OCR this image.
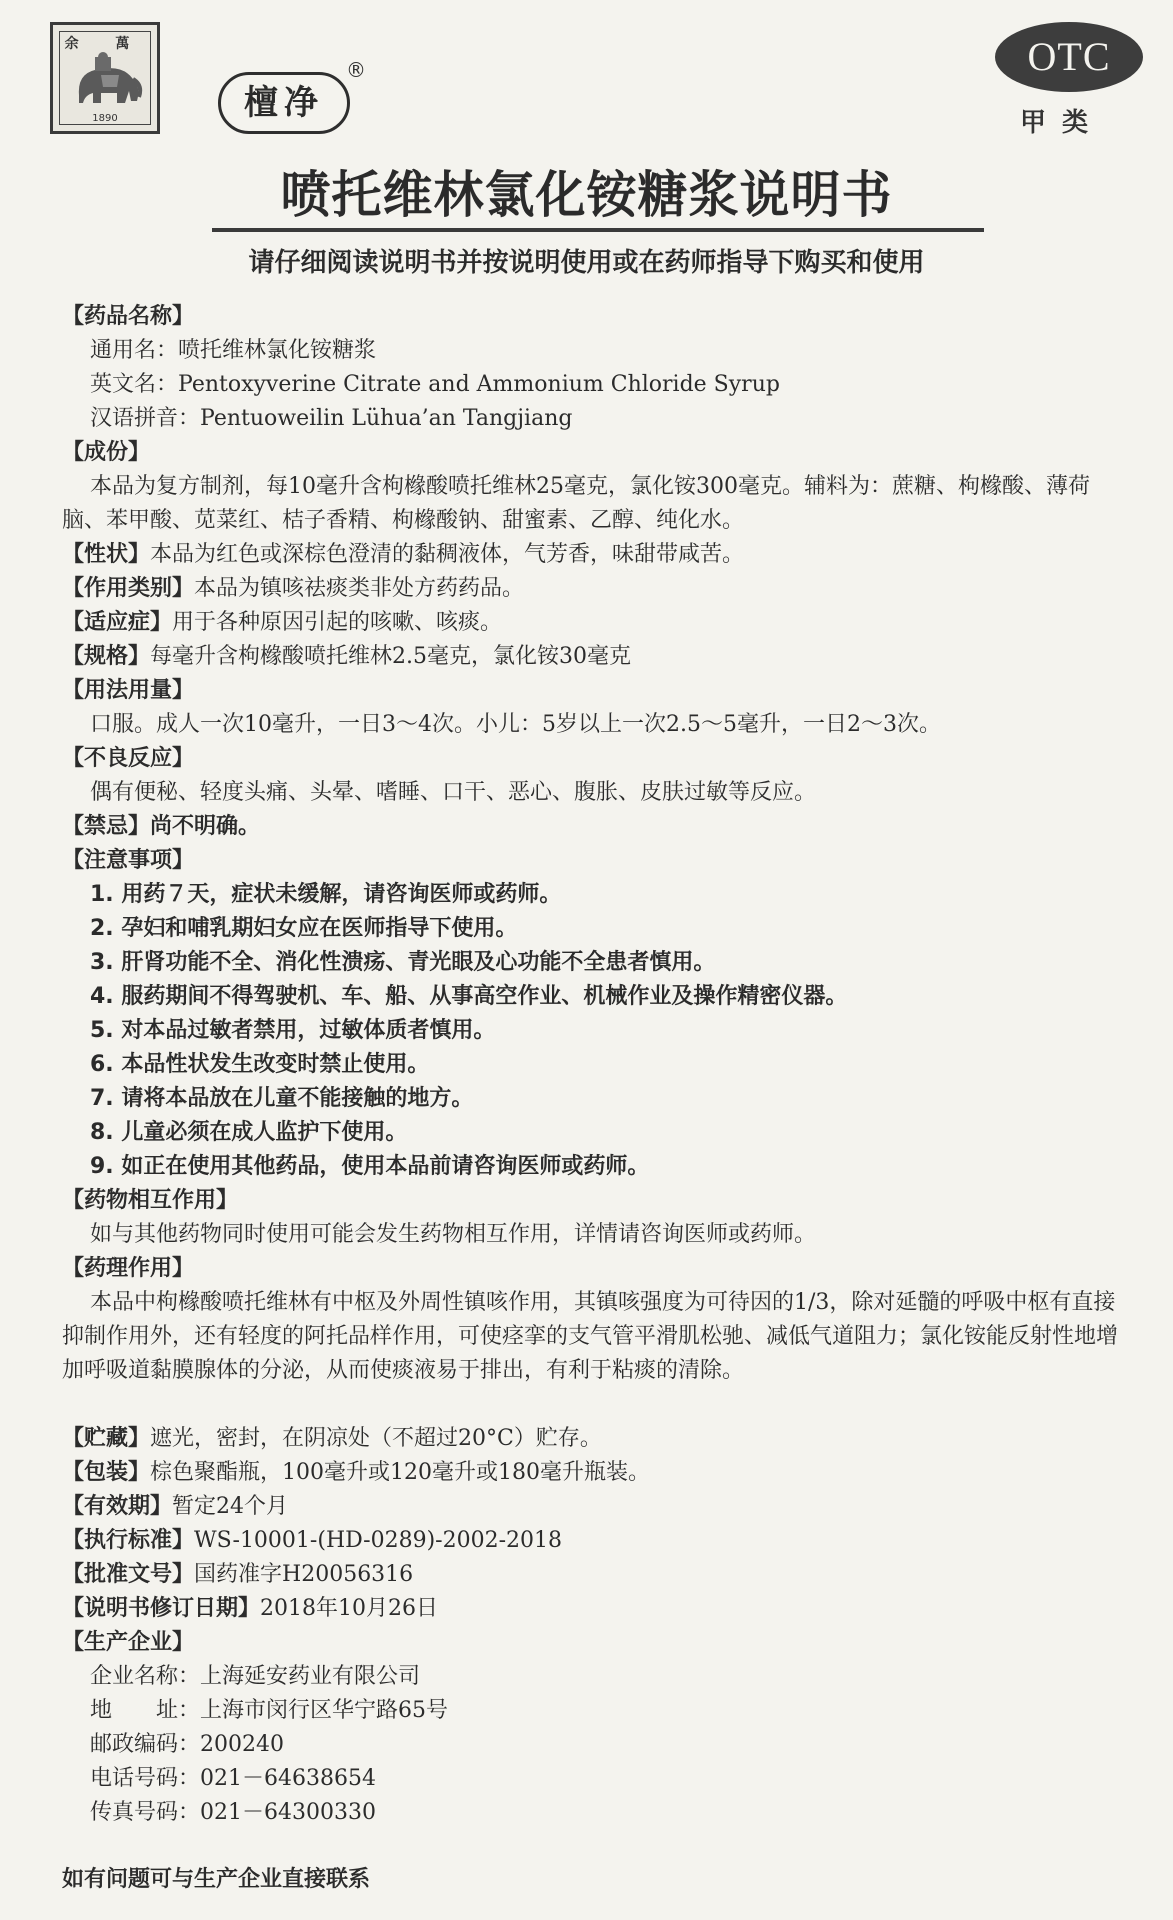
余 萬
1890	檀净
®	OTC
甲类
喷托维林氯化铵糖浆说明书
请仔细阅读说明书并按说明使用或在药师指导下购买和使用
【药品名称】
通用名：喷托维林氯化铵糖浆
英文名：Pentoxyverine Citrate and Ammonium Chloride Syrup
汉语拼音：Pentuoweilin Lühua’an Tangjiang
【成份】
本品为复方制剂，每10毫升含枸橼酸喷托维林25毫克，氯化铵300毫克。辅料为：蔗糖、枸橼酸、薄荷脑、苯甲酸、苋菜红、桔子香精、枸橼酸钠、甜蜜素、乙醇、纯化水。
【性状】本品为红色或深棕色澄清的黏稠液体，气芳香，味甜带咸苦。
【作用类别】本品为镇咳祛痰类非处方药药品。
【适应症】用于各种原因引起的咳嗽、咳痰。
【规格】每毫升含枸橼酸喷托维林2.5毫克，氯化铵30毫克
【用法用量】
口服。成人一次10毫升，一日3～4次。小儿：5岁以上一次2.5～5毫升，一日2～3次。
【不良反应】
偶有便秘、轻度头痛、头晕、嗜睡、口干、恶心、腹胀、皮肤过敏等反应。
【禁忌】尚不明确。
【注意事项】
1. 用药７天，症状未缓解，请咨询医师或药师。
2. 孕妇和哺乳期妇女应在医师指导下使用。
3. 肝肾功能不全、消化性溃疡、青光眼及心功能不全患者慎用。
4. 服药期间不得驾驶机、车、船、从事高空作业、机械作业及操作精密仪器。
5. 对本品过敏者禁用，过敏体质者慎用。
6. 本品性状发生改变时禁止使用。
7. 请将本品放在儿童不能接触的地方。
8. 儿童必须在成人监护下使用。
9. 如正在使用其他药品，使用本品前请咨询医师或药师。
【药物相互作用】
如与其他药物同时使用可能会发生药物相互作用，详情请咨询医师或药师。
【药理作用】
本品中枸橼酸喷托维林有中枢及外周性镇咳作用，其镇咳强度为可待因的1/3，除对延髓的呼吸中枢有直接抑制作用外，还有轻度的阿托品样作用，可使痉挛的支气管平滑肌松驰、减低气道阻力；氯化铵能反射性地增加呼吸道黏膜腺体的分泌，从而使痰液易于排出，有利于粘痰的清除。
【贮藏】遮光，密封，在阴凉处（不超过20°C）贮存。
【包装】棕色聚酯瓶，100毫升或120毫升或180毫升瓶装。
【有效期】暂定24个月
【执行标准】WS-10001-(HD-0289)-2002-2018
【批准文号】国药准字H20056316
【说明书修订日期】2018年10月26日
【生产企业】
企业名称：上海延安药业有限公司
地　　址：上海市闵行区华宁路65号
邮政编码：200240
电话号码：021－64638654
传真号码：021－64300330
如有问题可与生产企业直接联系
